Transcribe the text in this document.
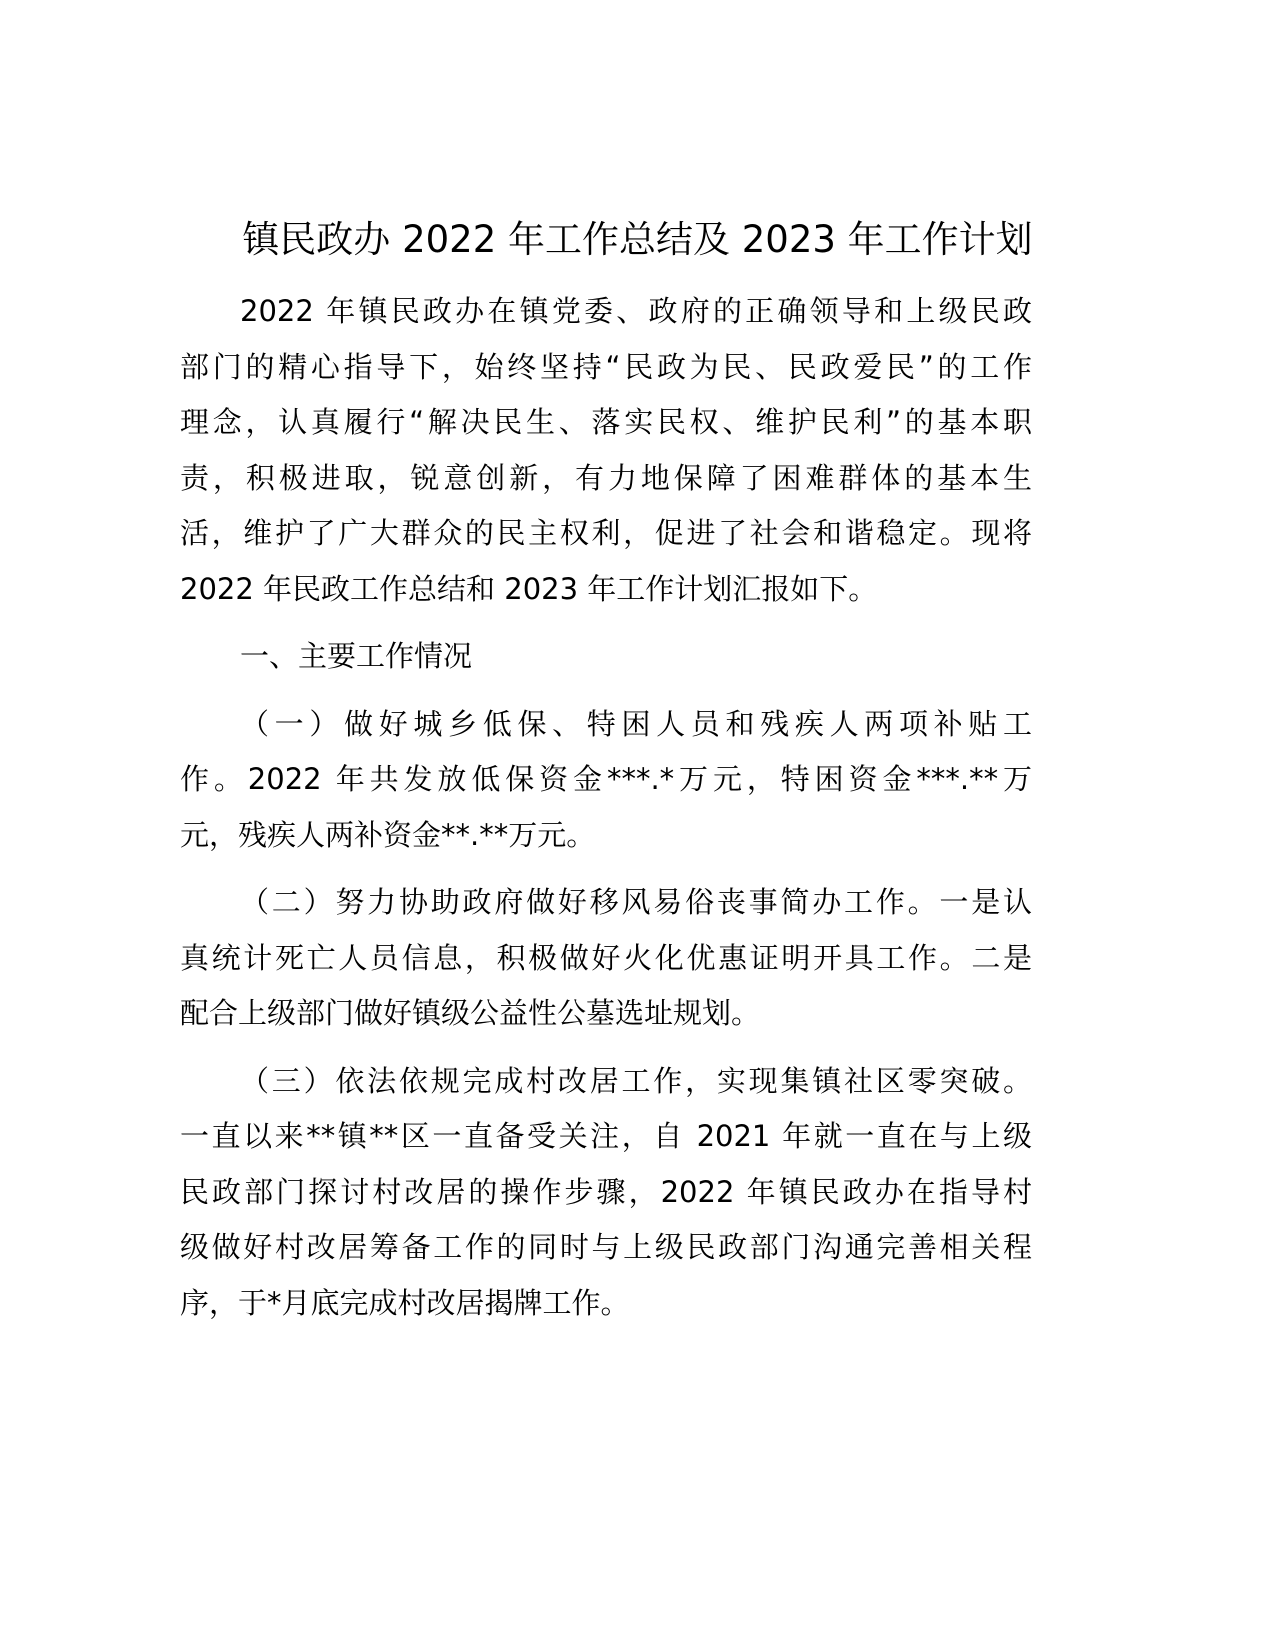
镇民政办 2022 年工作总结及 2023 年工作计划
2022 年镇民政办在镇党委、政府的正确领导和上级民政
部门的精心指导下，始终坚持“民政为民、民政爱民”的工作
理念，认真履行“解决民生、落实民权、维护民利”的基本职
责，积极进取，锐意创新，有力地保障了困难群体的基本生
活，维护了广大群众的民主权利，促进了社会和谐稳定。现将
2022 年民政工作总结和 2023 年工作计划汇报如下。
一、主要工作情况
（一）做好城乡低保、特困人员和残疾人两项补贴工
作。2022 年共发放低保资金***.*万元，特困资金***.**万
元，残疾人两补资金**.**万元。
（二）努力协助政府做好移风易俗丧事简办工作。一是认
真统计死亡人员信息，积极做好火化优惠证明开具工作。二是
配合上级部门做好镇级公益性公墓选址规划。
（三）依法依规完成村改居工作，实现集镇社区零突破。
一直以来**镇**区一直备受关注，自 2021 年就一直在与上级
民政部门探讨村改居的操作步骤，2022 年镇民政办在指导村
级做好村改居筹备工作的同时与上级民政部门沟通完善相关程
序，于*月底完成村改居揭牌工作。
